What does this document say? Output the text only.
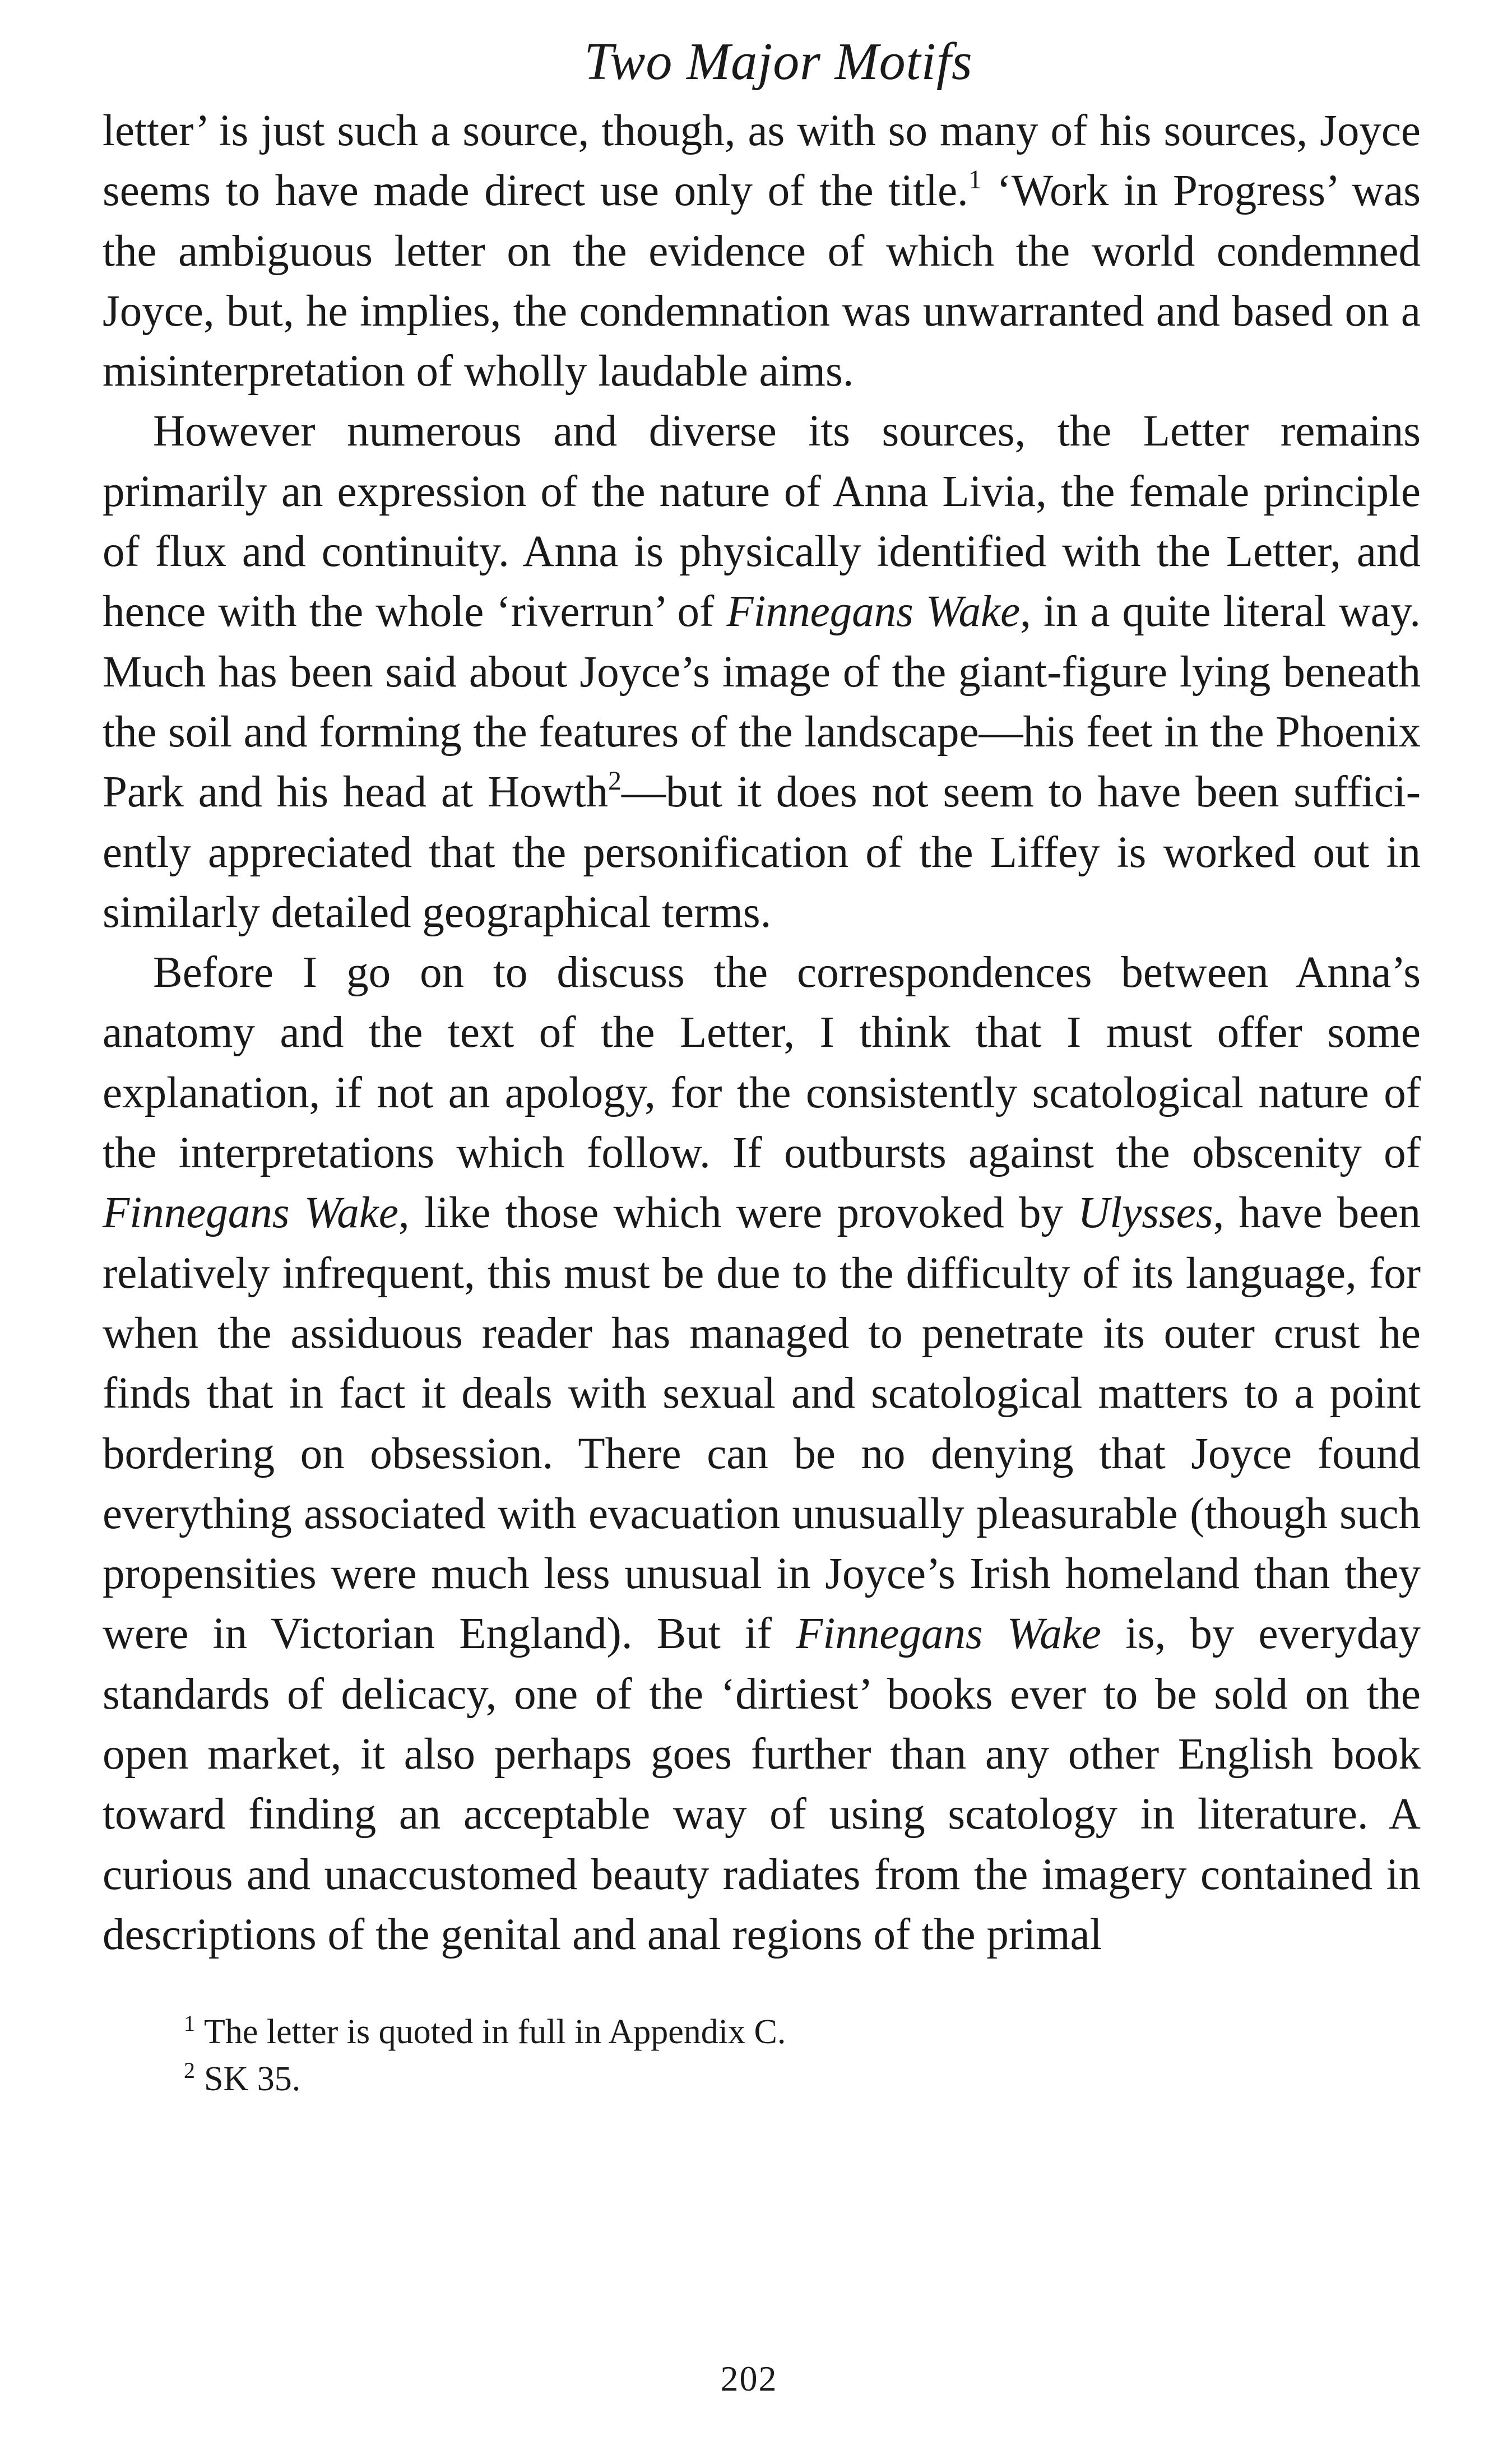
Two Major Motifs

letter’ is just such a source, though, as with so many of his sources, Joyce seems to have made direct use only of the title.$^1$ ‘Work in Progress’ was the ambiguous letter on the evidence of which the world condemned Joyce, but, he implies, the condemnation was unwarranted and based on a misinterpretation of wholly laudable aims.

However numerous and diverse its sources, the Letter remains primarily an expression of the nature of Anna Livia, the female principle of flux and continuity. Anna is physically identified with the Letter, and hence with the whole ‘riverrun’ of Finnegans Wake, in a quite literal way. Much has been said about Joyce’s image of the giant-figure lying beneath the soil and forming the features of the landscape—his feet in the Phoenix Park and his head at Howth$^2$—but it does not seem to have been sufficiently appreciated that the personification of the Liffey is worked out in similarly detailed geographical terms.

Before I go on to discuss the correspondences between Anna’s anatomy and the text of the Letter, I think that I must offer some explanation, if not an apology, for the consistently scatological nature of the interpretations which follow. If outbursts against the obscenity of Finnegans Wake, like those which were provoked by Ulysses, have been relatively infrequent, this must be due to the difficulty of its language, for when the assiduous reader has managed to penetrate its outer crust he finds that in fact it deals with sexual and scatological matters to a point bordering on obsession. There can be no denying that Joyce found everything associated with evacuation unusually pleasurable (though such propensities were much less unusual in Joyce’s Irish homeland than they were in Victorian England). But if Finnegans Wake is, by everyday standards of delicacy, one of the ‘dirtiest’ books ever to be sold on the open market, it also perhaps goes further than any other English book toward finding an acceptable way of using scatology in literature. A curious and unaccustomed beauty radiates from the imagery contained in descriptions of the genital and anal regions of the primal

$^1$ The letter is quoted in full in Appendix C.
$^2$ SK 35.
202
